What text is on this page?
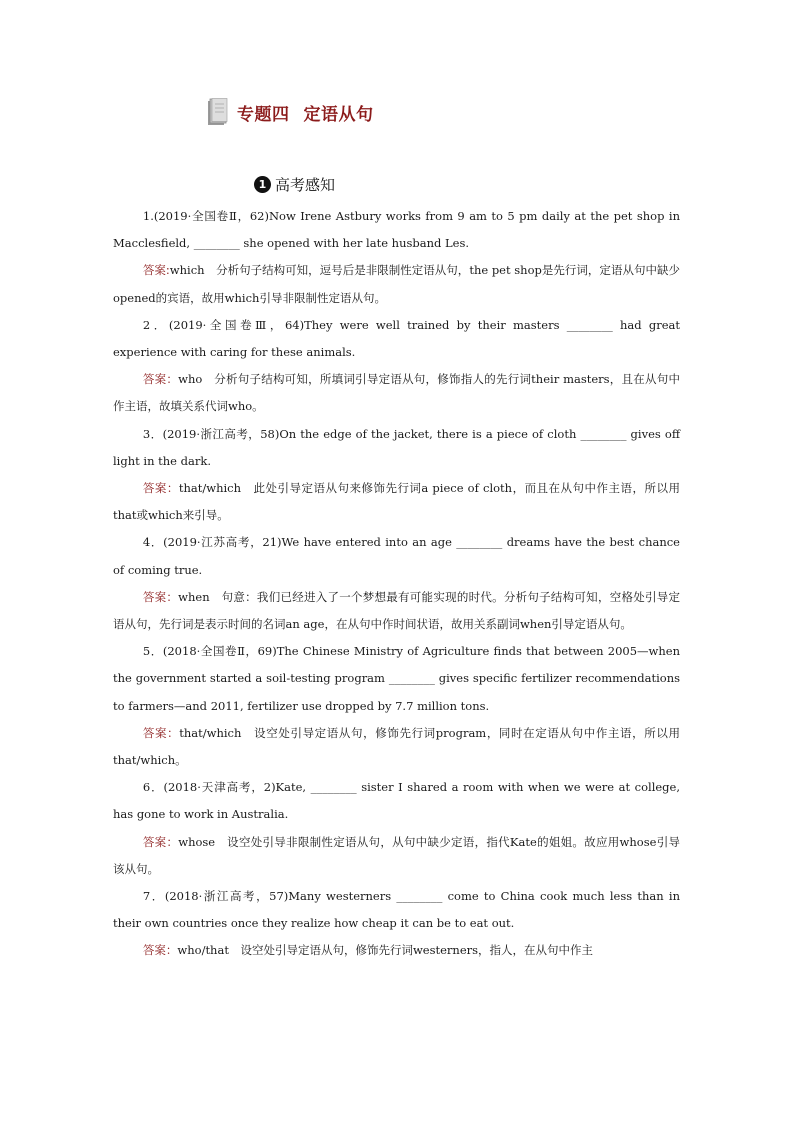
专题四 定语从句
1 高考感知

1.(2019·全国卷Ⅱ，62)Now Irene Astbury works from 9 am to 5 pm daily at the pet shop in Macclesfield, ________ she opened with her late husband Les.

答案:which　分析句子结构可知，逗号后是非限制性定语从句，the pet shop是先行词，定语从句中缺少opened的宾语，故用which引导非限制性定语从句。

2．(2019·全国卷Ⅲ，64)They were well trained by their masters ________ had great experience with caring for these animals.

答案：who　分析句子结构可知，所填词引导定语从句，修饰指人的先行词their masters，且在从句中作主语，故填关系代词who。

3．(2019·浙江高考，58)On the edge of the jacket, there is a piece of cloth ________ gives off light in the dark.

答案：that/which　此处引导定语从句来修饰先行词a piece of cloth，而且在从句中作主语，所以用that或which来引导。

4．(2019·江苏高考，21)We have entered into an age ________ dreams have the best chance of coming true.

答案：when　句意：我们已经进入了一个梦想最有可能实现的时代。分析句子结构可知，空格处引导定语从句，先行词是表示时间的名词an age，在从句中作时间状语，故用关系副词when引导定语从句。

5．(2018·全国卷Ⅱ，69)The Chinese Ministry of Agriculture finds that between 2005—when the government started a soil-testing program ________ gives specific fertilizer recommendations to farmers—and 2011, fertilizer use dropped by 7.7 million tons.

答案：that/which　设空处引导定语从句，修饰先行词program，同时在定语从句中作主语，所以用that/which。

6．(2018·天津高考，2)Kate, ________ sister I shared a room with when we were at college, has gone to work in Australia.

答案：whose　设空处引导非限制性定语从句，从句中缺少定语，指代Kate的姐姐。故应用whose引导该从句。

7．(2018·浙江高考，57)Many westerners ________ come to China cook much less than in their own countries once they realize how cheap it can be to eat out.

答案：who/that　设空处引导定语从句，修饰先行词westerners，指人，在从句中作主
